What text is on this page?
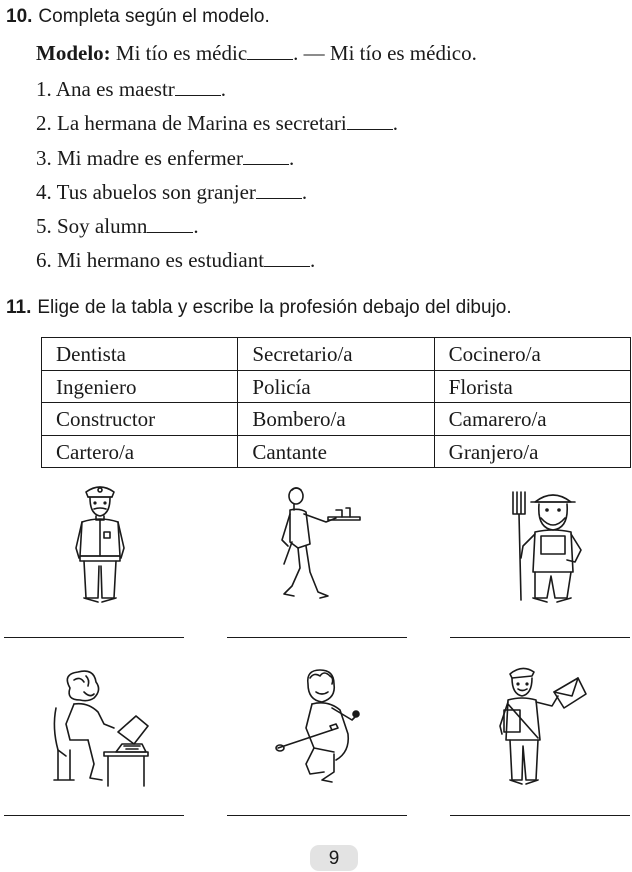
10. Completa según el modelo.
Modelo: Mi tío es médic . — Mi tío es médico.
1. Ana es maestr .
2. La hermana de Marina es secretari .
3. Mi madre es enfermer .
4. Tus abuelos son granjer .
5. Soy alumn .
6. Mi hermano es estudiant .
11. Elige de la tabla y escribe la profesión debajo del dibujo.
Dentista	Secretario/a	Cocinero/a
Ingeniero	Policía	Florista
Constructor	Bombero/a	Camarero/a
Cartero/a	Cantante	Granjero/a
9
